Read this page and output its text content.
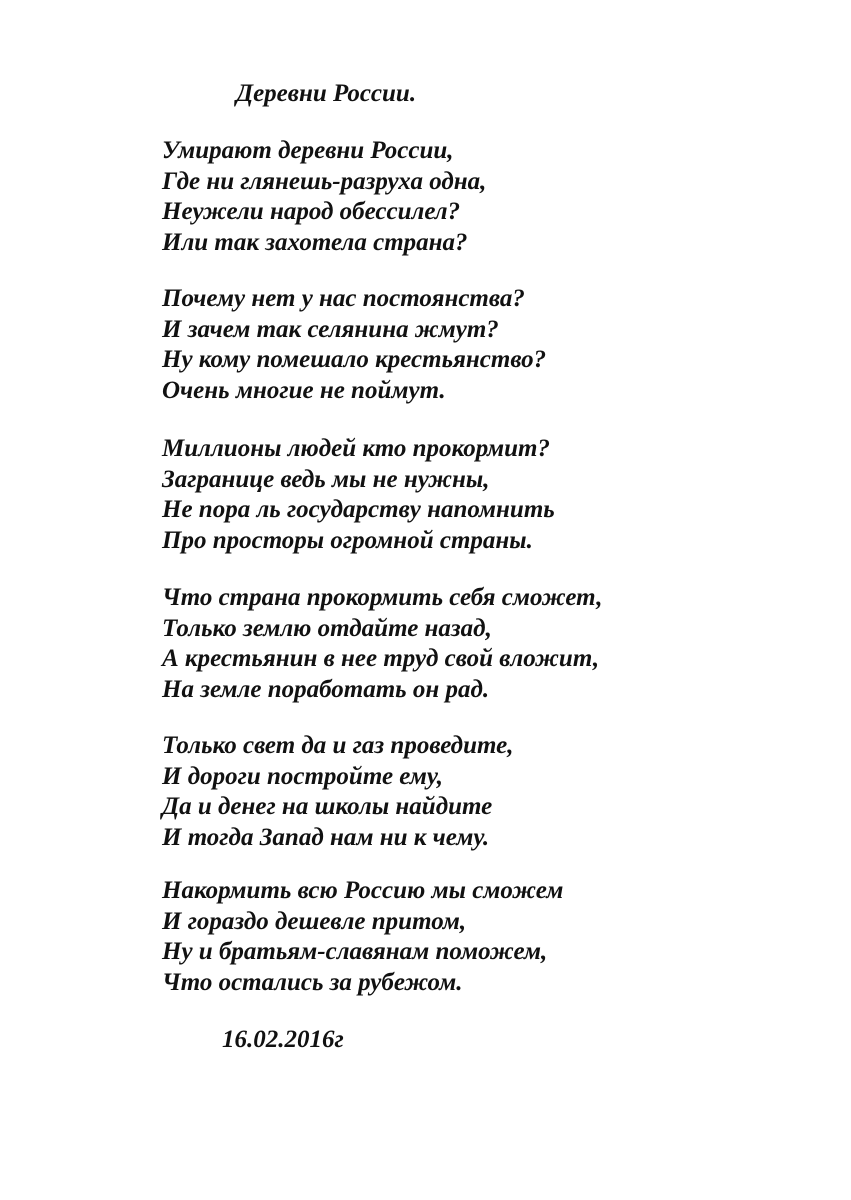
Деревни России.
Умирают деревни России,
Где ни глянешь-разруха одна,
Неужели народ обессилел?
Или так захотела страна?
Почему нет у нас постоянства?
И зачем так селянина жмут?
Ну кому помешало крестьянство?
Очень многие не поймут.
Миллионы людей кто прокормит?
Загранице ведь мы не нужны,
Не пора ль государству напомнить
Про просторы огромной страны.
Что страна прокормить себя сможет,
Только землю отдайте назад,
А крестьянин в нее труд свой вложит,
На земле поработать он рад.
Только свет да и газ проведите,
И дороги постройте ему,
Да и денег на школы найдите
И тогда Запад нам ни к чему.
Накормить всю Россию мы сможем
И гораздо дешевле притом,
Ну и братьям-славянам поможем,
Что остались за рубежом.
16.02.2016г
